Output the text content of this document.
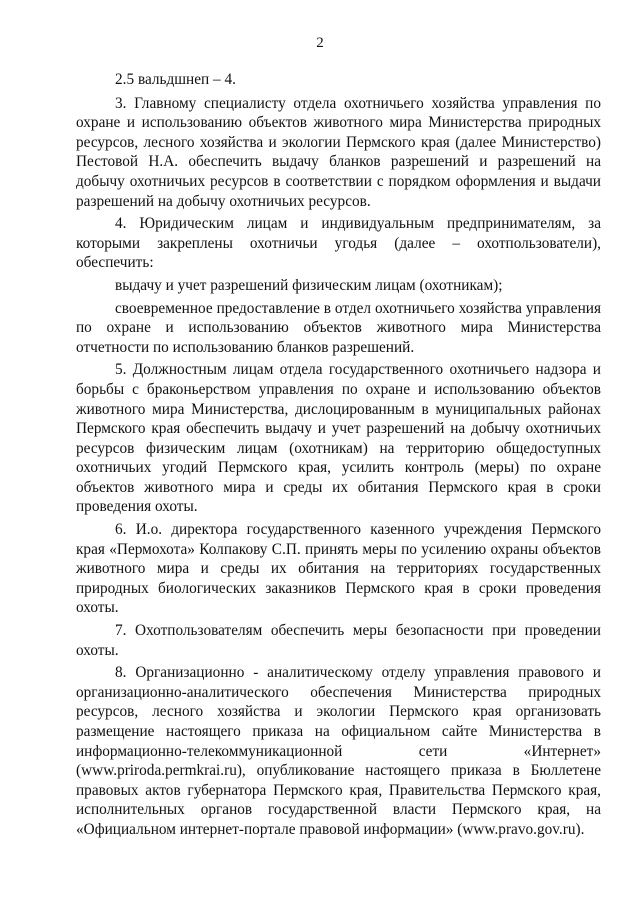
2

2.5 вальдшнеп – 4.

3. Главному специалисту отдела охотничьего хозяйства управления по охране и использованию объектов животного мира Министерства природных ресурсов, лесного хозяйства и экологии Пермского края (далее Министерство) Пестовой Н.А. обеспечить выдачу бланков разрешений и разрешений на добычу охотничьих ресурсов в соответствии с порядком оформления и выдачи разрешений на добычу охотничьих ресурсов.

4. Юридическим лицам и индивидуальным предпринимателям, за которыми закреплены охотничьи угодья (далее – охотпользователи), обеспечить:

выдачу и учет разрешений физическим лицам (охотникам);

своевременное предоставление в отдел охотничьего хозяйства управления по охране и использованию объектов животного мира Министерства отчетности по использованию бланков разрешений.

5. Должностным лицам отдела государственного охотничьего надзора и борьбы с браконьерством управления по охране и использованию объектов животного мира Министерства, дислоцированным в муниципальных районах Пермского края обеспечить выдачу и учет разрешений на добычу охотничьих ресурсов физическим лицам (охотникам) на территорию общедоступных охотничьих угодий Пермского края, усилить контроль (меры) по охране объектов животного мира и среды их обитания Пермского края в сроки проведения охоты.

6. И.о. директора государственного казенного учреждения Пермского края «Пермохота» Колпакову С.П. принять меры по усилению охраны объектов животного мира и среды их обитания на территориях государственных природных биологических заказников Пермского края в сроки проведения охоты.

7. Охотпользователям обеспечить меры безопасности при проведении охоты.

8. Организационно - аналитическому отделу управления правового и организационно-аналитического обеспечения Министерства природных ресурсов, лесного хозяйства и экологии Пермского края организовать размещение настоящего приказа на официальном сайте Министерства в информационно-телекоммуникационной сети «Интернет» (www.priroda.permkrai.ru), опубликование настоящего приказа в Бюллетене правовых актов губернатора Пермского края, Правительства Пермского края, исполнительных органов государственной власти Пермского края, на «Официальном интернет-портале правовой информации» (www.pravo.gov.ru).
